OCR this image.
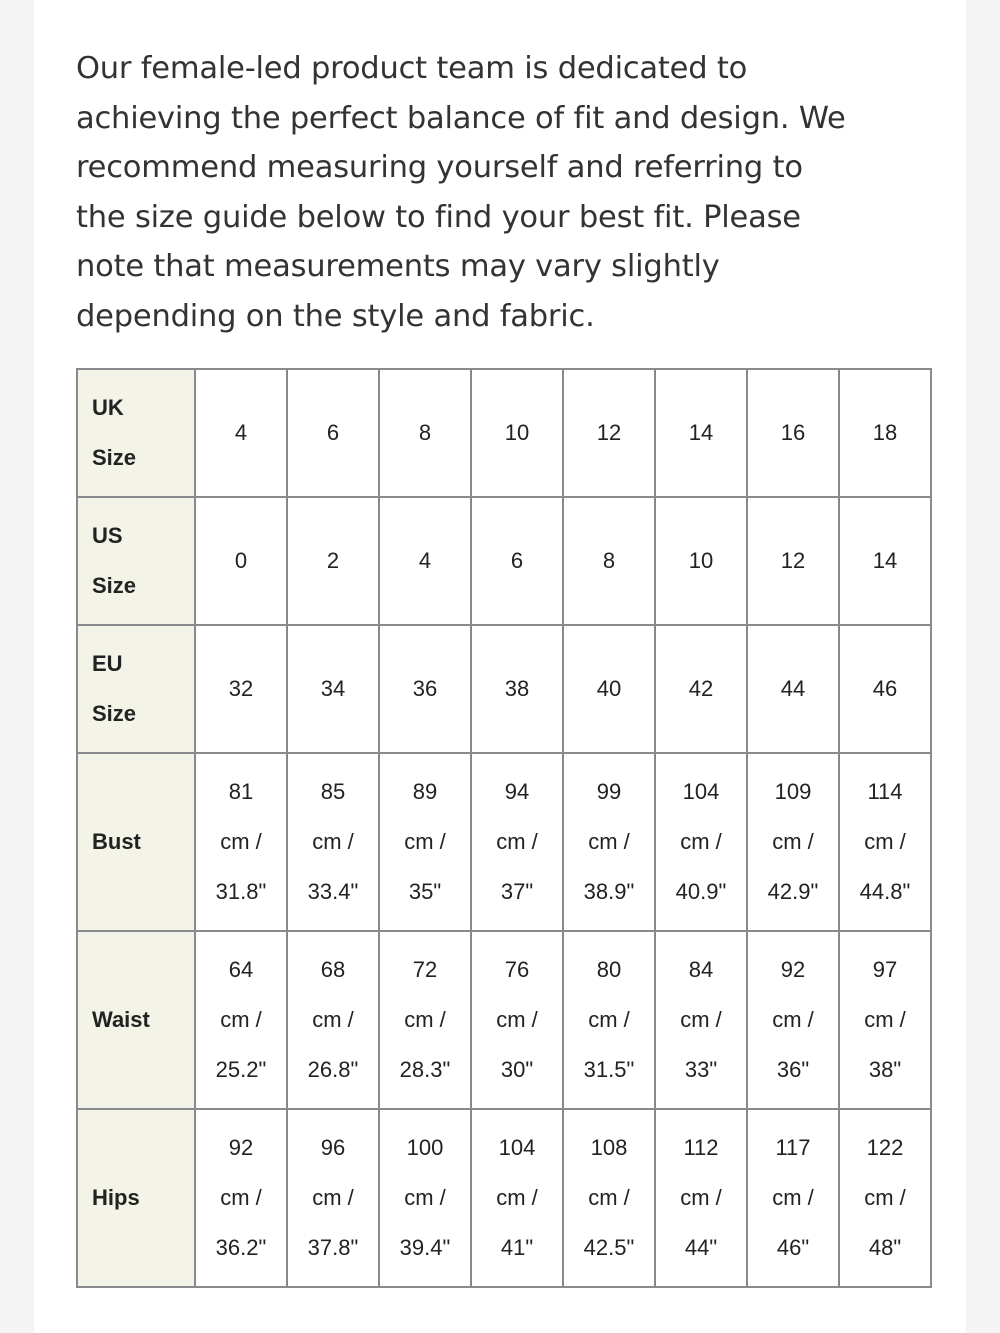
Our female-led product team is dedicated to
achieving the perfect balance of fit and design. We
recommend measuring yourself and referring to
the size guide below to find your best fit. Please
note that measurements may vary slightly
depending on the style and fabric.

UK
Size	4	6	8	10	12	14	16	18

US
Size	0	2	4	6	8	10	12	14

EU
Size	32	34	36	38	40	42	44	46

Bust	81
cm /
31.8"	85
cm /
33.4"	89
cm /
35"	94
cm /
37"	99
cm /
38.9"	104
cm /
40.9"	109
cm /
42.9"	114
cm /
44.8"

Waist	64
cm /
25.2"	68
cm /
26.8"	72
cm /
28.3"	76
cm /
30"	80
cm /
31.5"	84
cm /
33"	92
cm /
36"	97
cm /
38"

Hips	92
cm /
36.2"	96
cm /
37.8"	100
cm /
39.4"	104
cm /
41"	108
cm /
42.5"	112
cm /
44"	117
cm /
46"	122
cm /
48"
